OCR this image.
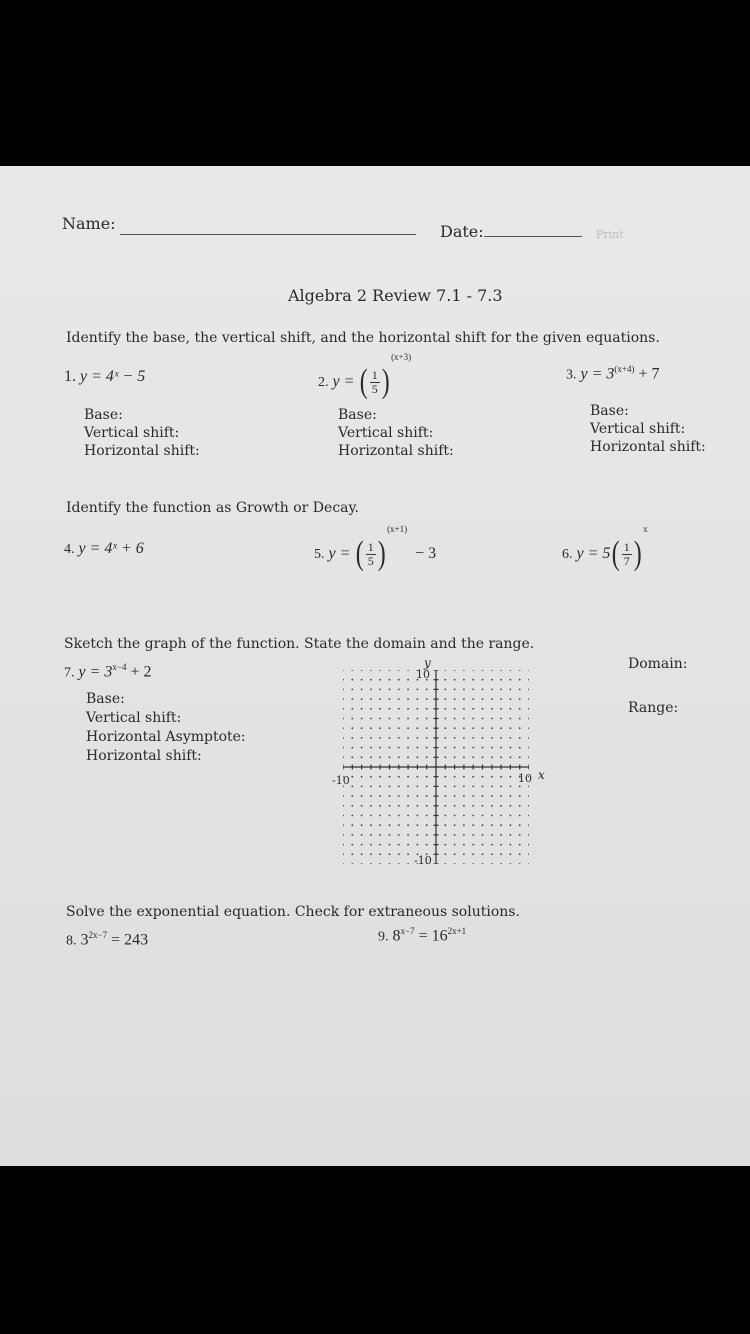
Name:	Date:	Print
Algebra 2 Review 7.1 - 7.3
Identify the base, the vertical shift, and the horizontal shift for the given equations.
1. y = 4ˣ − 5	2. y = ( $\frac{1}{5} )^{(x+3)}$
3. $y = 3^{(x+4)} + 7$
Base:
Vertical shift:
Horizontal shift:
Base:
Vertical shift:
Horizontal shift:
Base:
Vertical shift:
Horizontal shift:
Identify the function as Growth or Decay.
4. y = 4ˣ + 6	5. y = ( $\frac{1}{5} )^{(x+1)} - 3$	6. $y = 5( \frac{1}{7} )^x$
Sketch the graph of the function. State the domain and the range.
7. $y = 3^{x-4} + 2$
Base:
Vertical shift:
Horizontal Asymptote:
Horizontal shift:
Domain:
Range:
y
10
-10
-10	10 x
Solve the exponential equation. Check for extraneous solutions.
8. $3^{2x-7} = 243$	9. $8^{x-7} = 16^{2x+1}$
